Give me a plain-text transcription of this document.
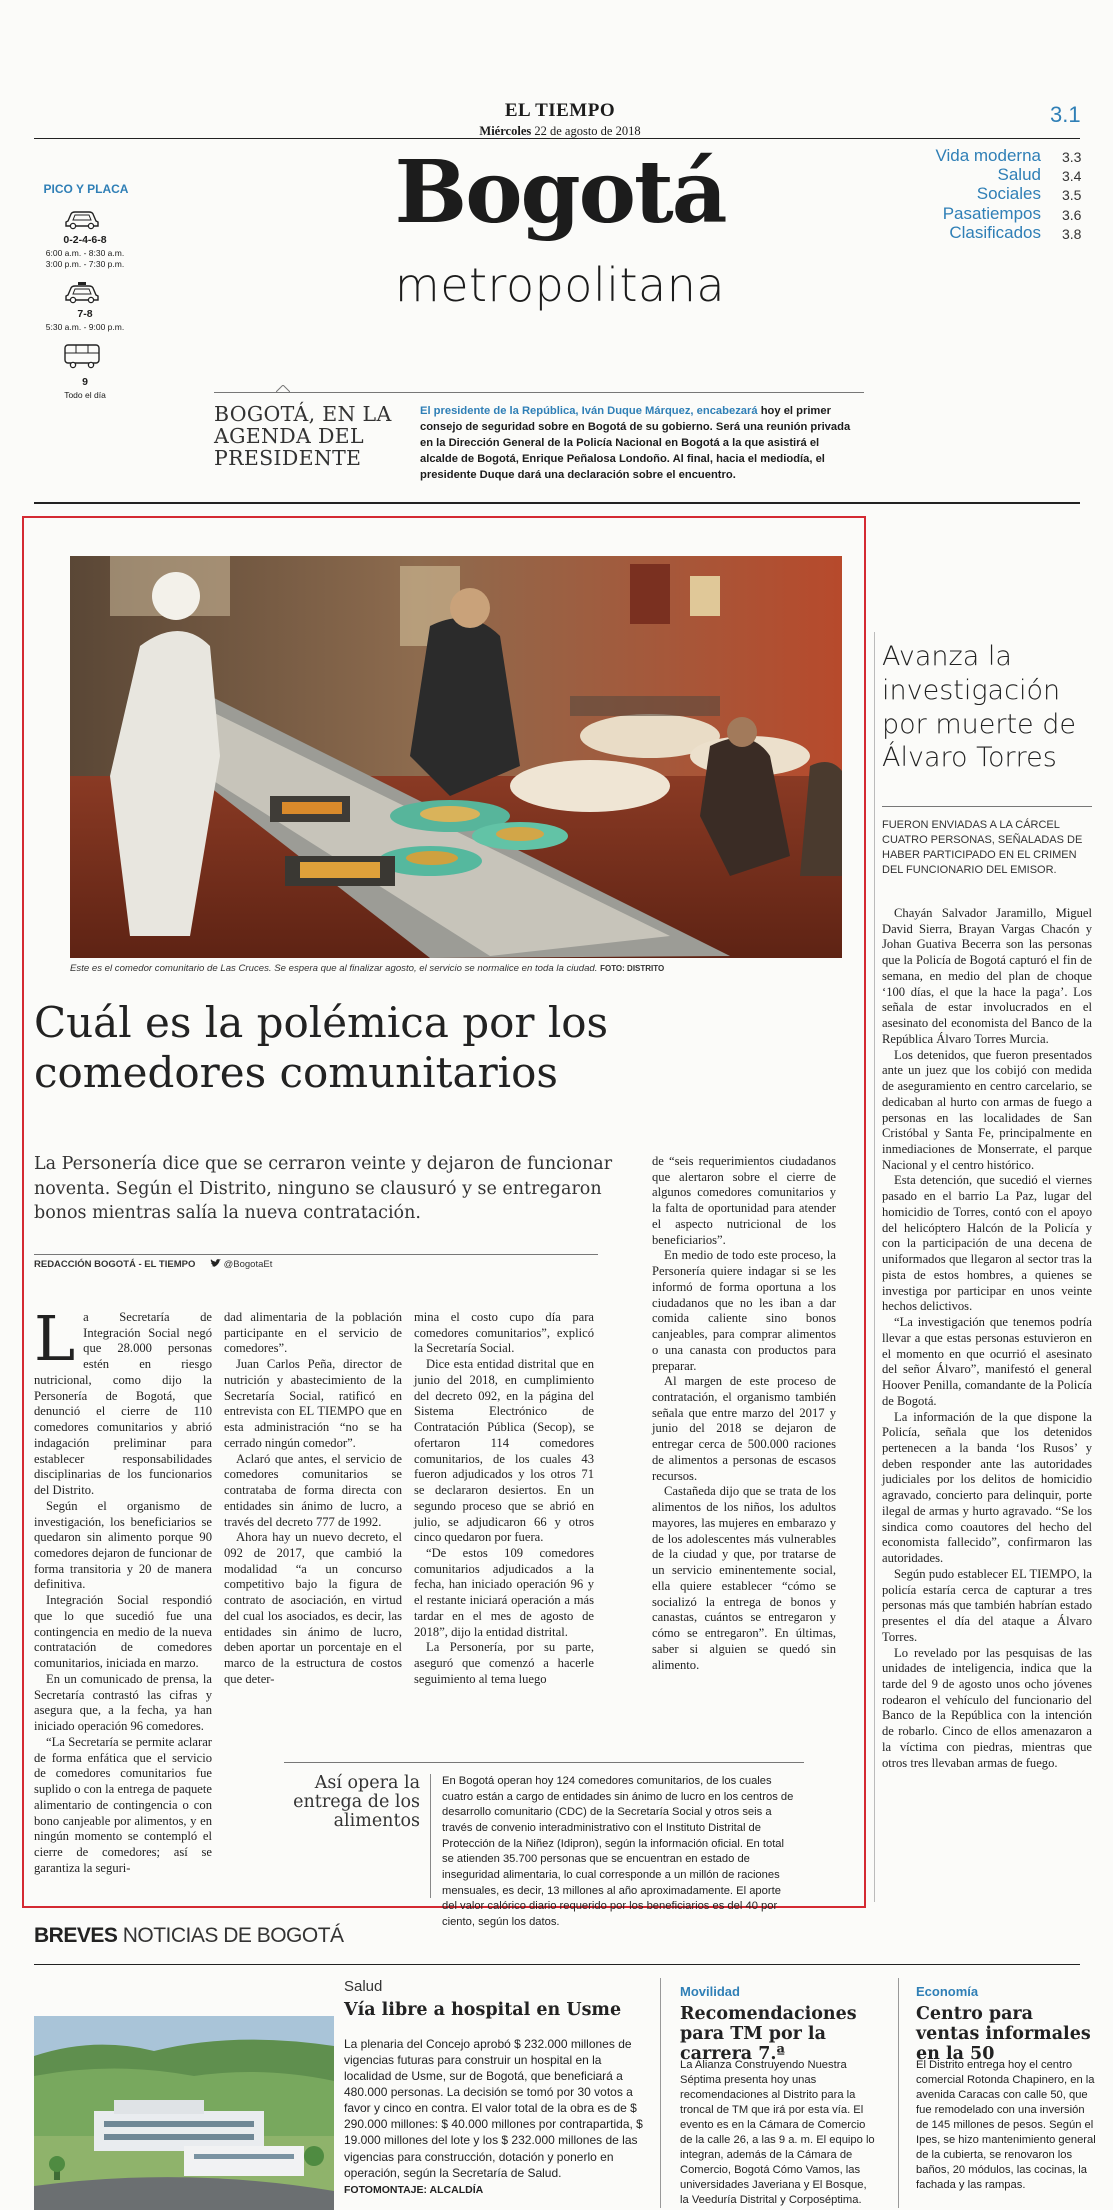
EL TIEMPO
Miércoles 22 de agosto de 2018
3.1
Bogotá
metropolitana
PICO Y PLACA
0-2-4-6-8
6:00 a.m. - 8:30 a.m.
3:00 p.m. - 7:30 p.m.
7-8
5:30 a.m. - 9:00 p.m.
9
Todo el día
Vida moderna 3.3
Salud 3.4
Sociales 3.5
Pasatiempos 3.6
Clasificados 3.8
BOGOTÁ, EN LA
AGENDA DEL
PRESIDENTE
El presidente de la República, Iván Duque Márquez, encabezará hoy el primer consejo de seguridad sobre en Bogotá de su gobierno. Será una reunión privada en la Dirección General de la Policía Nacional en Bogotá a la que asistirá el alcalde de Bogotá, Enrique Peñalosa Londoño. Al final, hacia el mediodía, el presidente Duque dará una declaración sobre el encuentro.
Este es el comedor comunitario de Las Cruces. Se espera que al finalizar agosto, el servicio se normalice en toda la ciudad. FOTO: DISTRITO
Cuál es la polémica por los
comedores comunitarios
La Personería dice que se cerraron veinte y dejaron de funcionar noventa. Según el Distrito, ninguno se clausuró y se entregaron bonos mientras salía la nueva contratación.
REDACCIÓN BOGOTÁ - EL TIEMPO	@BogotaEt

La Secretaría de Integración Social negó que 28.000 personas estén en riesgo nutricional, como dijo la Personería de Bogotá, que denunció el cierre de 110 comedores comunitarios y abrió indagación preliminar para establecer responsabilidades disciplinarias de los funcionarios del Distrito.

Según el organismo de investigación, los beneficiarios se quedaron sin alimento porque 90 comedores dejaron de funcionar de forma transitoria y 20 de manera definitiva.

Integración Social respondió que lo que sucedió fue una contingencia en medio de la nueva contratación de comedores comunitarios, iniciada en marzo.

En un comunicado de prensa, la Secretaría contrastó las cifras y asegura que, a la fecha, ya han iniciado operación 96 comedores.

“La Secretaría se permite aclarar de forma enfática que el servicio de comedores comunitarios fue suplido o con la entrega de paquete alimentario de contingencia o con bono canjeable por alimentos, y en ningún momento se contempló el cierre de comedores; así se garantiza la seguri-

dad alimentaria de la población participante en el servicio de comedores”.

Juan Carlos Peña, director de nutrición y abastecimiento de la Secretaría Social, ratificó en entrevista con EL TIEMPO que en esta administración “no se ha cerrado ningún comedor”.

Aclaró que antes, el servicio de comedores comunitarios se contrataba de forma directa con entidades sin ánimo de lucro, a través del decreto 777 de 1992.

Ahora hay un nuevo decreto, el 092 de 2017, que cambió la modalidad “a un concurso competitivo bajo la figura de contrato de asociación, en virtud del cual los asociados, es decir, las entidades sin ánimo de lucro, deben aportar un porcentaje en el marco de la estructura de costos que deter-

mina el costo cupo día para comedores comunitarios”, explicó la Secretaría Social.

Dice esta entidad distrital que en junio del 2018, en cumplimiento del decreto 092, en la página del Sistema Electrónico de Contratación Pública (Secop), se ofertaron 114 comedores comunitarios, de los cuales 43 fueron adjudicados y los otros 71 se declararon desiertos. En un segundo proceso que se abrió en julio, se adjudicaron 66 y otros cinco quedaron por fuera.

“De estos 109 comedores comunitarios adjudicados a la fecha, han iniciado operación 96 y el restante iniciará operación a más tardar en el mes de agosto de 2018”, dijo la entidad distrital.

La Personería, por su parte, aseguró que comenzó a hacerle seguimiento al tema luego

de “seis requerimientos ciudadanos que alertaron sobre el cierre de algunos comedores comunitarios y la falta de oportunidad para atender el aspecto nutricional de los beneficiarios”.

En medio de todo este proceso, la Personería quiere indagar si se les informó de forma oportuna a los ciudadanos que no les iban a dar comida caliente sino bonos canjeables, para comprar alimentos o una canasta con productos para preparar.

Al margen de este proceso de contratación, el organismo también señala que entre marzo del 2017 y junio del 2018 se dejaron de entregar cerca de 500.000 raciones de alimentos a personas de escasos recursos.

Castañeda dijo que se trata de los alimentos de los niños, los adultos mayores, las mujeres en embarazo y de los adolescentes más vulnerables de la ciudad y que, por tratarse de un servicio eminentemente social, ella quiere establecer “cómo se socializó la entrega de bonos y canastas, cuántos se entregaron y cómo se entregaron”. En últimas, saber si alguien se quedó sin alimento.

Así opera la
entrega de los
alimentos
En Bogotá operan hoy 124 comedores comunitarios, de los cuales cuatro están a cargo de entidades sin ánimo de lucro en los centros de desarrollo comunitario (CDC) de la Secretaría Social y otros seis a través de convenio interadministrativo con el Instituto Distrital de Protección de la Niñez (Idipron), según la información oficial. En total se atienden 35.700 personas que se encuentran en estado de inseguridad alimentaria, lo cual corresponde a un millón de raciones mensuales, es decir, 13 millones al año aproximadamente. El aporte del valor calórico diario requerido por los beneficiarios es del 40 por ciento, según los datos.
Avanza la
investigación
por muerte de
Álvaro Torres
FUERON ENVIADAS A LA CÁRCEL CUATRO PERSONAS, SEÑALADAS DE HABER PARTICIPADO EN EL CRIMEN DEL FUNCIONARIO DEL EMISOR.

Chayán Salvador Jaramillo, Miguel David Sierra, Brayan Vargas Chacón y Johan Guativa Becerra son las personas que la Policía de Bogotá capturó el fin de semana, en medio del plan de choque ‘100 días, el que la hace la paga’. Los señala de estar involucrados en el asesinato del economista del Banco de la República Álvaro Torres Murcia.

Los detenidos, que fueron presentados ante un juez que los cobijó con medida de aseguramiento en centro carcelario, se dedicaban al hurto con armas de fuego a personas en las localidades de San Cristóbal y Santa Fe, principalmente en inmediaciones de Monserrate, el parque Nacional y el centro histórico.

Esta detención, que sucedió el viernes pasado en el barrio La Paz, lugar del homicidio de Torres, contó con el apoyo del helicóptero Halcón de la Policía y con la participación de una decena de uniformados que llegaron al sector tras la pista de estos hombres, a quienes se investiga por participar en unos veinte hechos delictivos.

“La investigación que tenemos podría llevar a que estas personas estuvieron en el momento en que ocurrió el asesinato del señor Álvaro”, manifestó el general Hoover Penilla, comandante de la Policía de Bogotá.

La información de la que dispone la Policía, señala que los detenidos pertenecen a la banda ‘los Rusos’ y deben responder ante las autoridades judiciales por los delitos de homicidio agravado, concierto para delinquir, porte ilegal de armas y hurto agravado. “Se los sindica como coautores del hecho del economista fallecido”, confirmaron las autoridades.

Según pudo establecer EL TIEMPO, la policía estaría cerca de capturar a tres personas más que también habrían estado presentes el día del ataque a Álvaro Torres.

Lo revelado por las pesquisas de las unidades de inteligencia, indica que la tarde del 9 de agosto unos ocho jóvenes rodearon el vehículo del funcionario del Banco de la República con la intención de robarlo. Cinco de ellos amenazaron a la víctima con piedras, mientras que otros tres llevaban armas de fuego.

BREVES NOTICIAS DE BOGOTÁ
Salud
Vía libre a hospital en Usme
La plenaria del Concejo aprobó $ 232.000 millones de vigencias futuras para construir un hospital en la localidad de Usme, sur de Bogotá, que beneficiará a 480.000 personas. La decisión se tomó por 30 votos a favor y cinco en contra. El valor total de la obra es de $ 290.000 millones: $ 40.000 millones por contrapartida, $ 19.000 millones del lote y los $ 232.000 millones de las vigencias para construcción, dotación y ponerlo en operación, según la Secretaría de Salud. FOTOMONTAJE: ALCALDÍA
Movilidad
Recomendaciones para TM por la carrera 7.ª
La Alianza Construyendo Nuestra Séptima presenta hoy unas recomendaciones al Distrito para la troncal de TM que irá por esta vía. El evento es en la Cámara de Comercio de la calle 26, a las 9 a. m. El equipo lo integran, además de la Cámara de Comercio, Bogotá Cómo Vamos, las universidades Javeriana y El Bosque, la Veeduría Distrital y Corposéptima.
Economía
Centro para ventas informales en la 50
El Distrito entrega hoy el centro comercial Rotonda Chapinero, en la avenida Caracas con calle 50, que fue remodelado con una inversión de 145 millones de pesos. Según el Ipes, se hizo mantenimiento general de la cubierta, se renovaron los baños, 20 módulos, las cocinas, la fachada y las rampas.
